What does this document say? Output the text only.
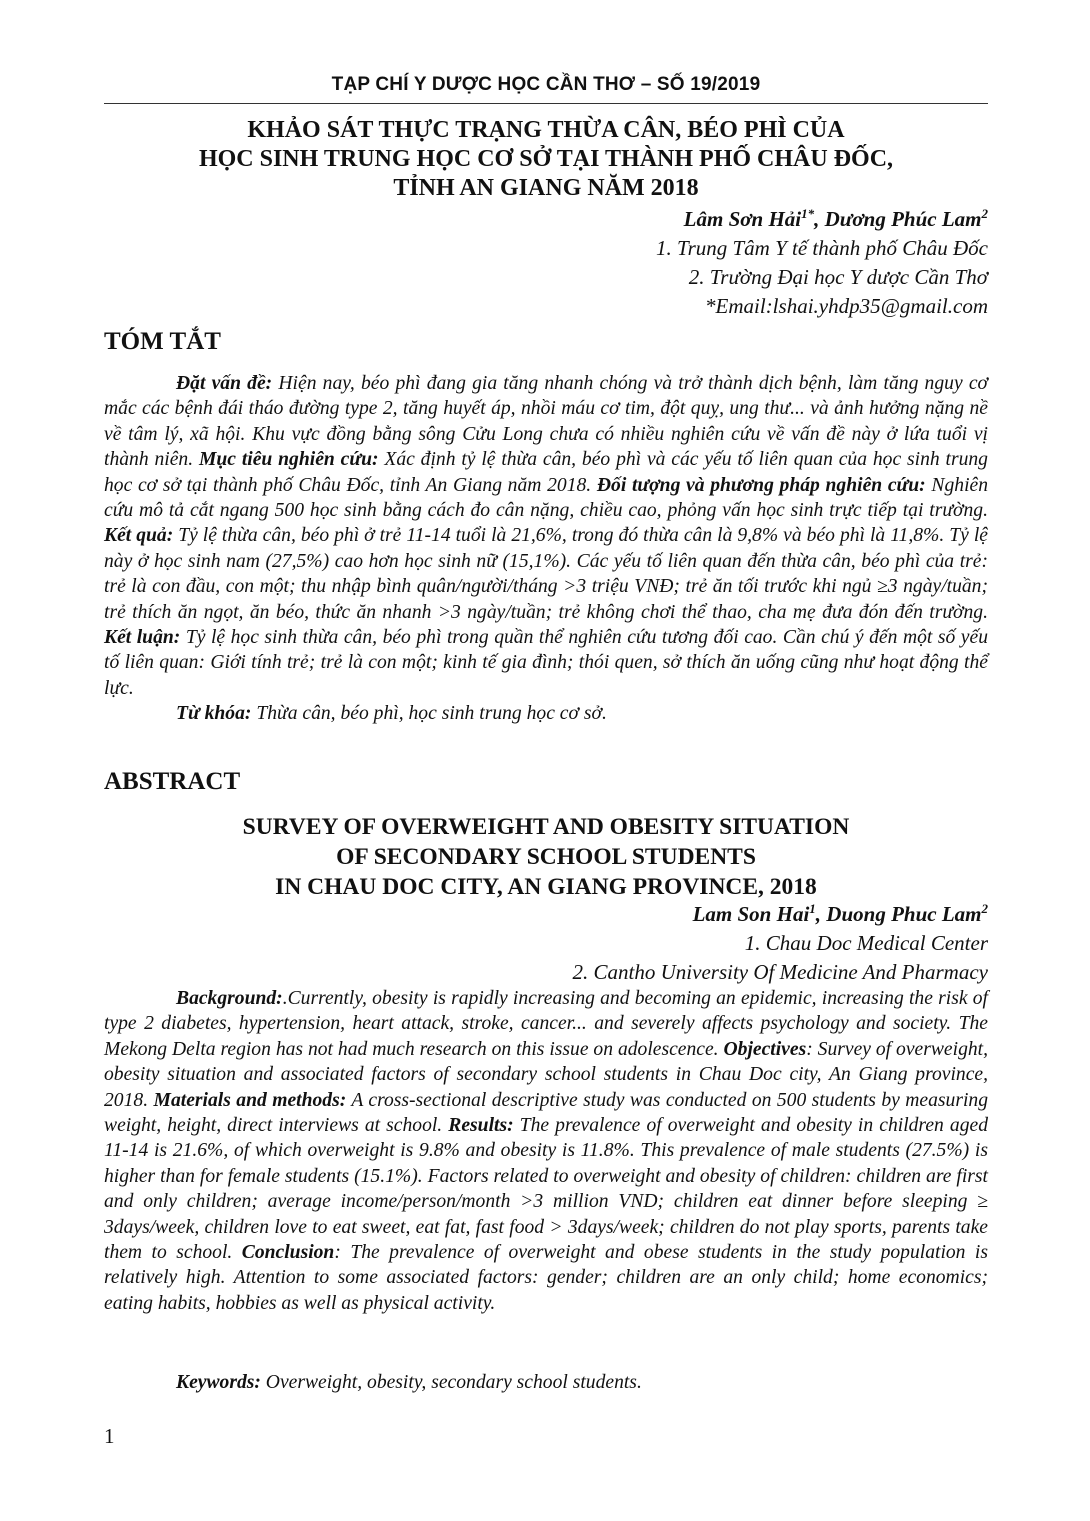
TẠP CHÍ Y DƯỢC HỌC CẦN THƠ – SỐ 19/2019
KHẢO SÁT THỰC TRẠNG THỪA CÂN, BÉO PHÌ CỦA
HỌC SINH TRUNG HỌC CƠ SỞ TẠI THÀNH PHỐ CHÂU ĐỐC,
TỈNH AN GIANG NĂM 2018
Lâm Sơn Hải$^{1*}$, Dương Phúc Lam$^2$
1. Trung Tâm Y tế thành phố Châu Đốc
2. Trường Đại học Y dược Cần Thơ
*Email:lshai.yhdp35@gmail.com
TÓM TẮT

Đặt vấn đề: Hiện nay, béo phì đang gia tăng nhanh chóng và trở thành dịch bệnh, làm tăng nguy cơ mắc các bệnh đái tháo đường type 2, tăng huyết áp, nhồi máu cơ tim, đột quỵ, ung thư... và ảnh hưởng nặng nề về tâm lý, xã hội. Khu vực đồng bằng sông Cửu Long chưa có nhiều nghiên cứu về vấn đề này ở lứa tuổi vị thành niên. Mục tiêu nghiên cứu: Xác định tỷ lệ thừa cân, béo phì và các yếu tố liên quan của học sinh trung học cơ sở tại thành phố Châu Đốc, tỉnh An Giang năm 2018. Đối tượng và phương pháp nghiên cứu: Nghiên cứu mô tả cắt ngang 500 học sinh bằng cách đo cân nặng, chiều cao, phỏng vấn học sinh trực tiếp tại trường. Kết quả: Tỷ lệ thừa cân, béo phì ở trẻ 11-14 tuổi là 21,6%, trong đó thừa cân là 9,8% và béo phì là 11,8%. Tỷ lệ này ở học sinh nam (27,5%) cao hơn học sinh nữ (15,1%). Các yếu tố liên quan đến thừa cân, béo phì của trẻ: trẻ là con đầu, con một; thu nhập bình quân/người/tháng >3 triệu VNĐ; trẻ ăn tối trước khi ngủ ≥3 ngày/tuần; trẻ thích ăn ngọt, ăn béo, thức ăn nhanh >3 ngày/tuần; trẻ không chơi thể thao, cha mẹ đưa đón đến trường. Kết luận: Tỷ lệ học sinh thừa cân, béo phì trong quần thể nghiên cứu tương đối cao. Cần chú ý đến một số yếu tố liên quan: Giới tính trẻ; trẻ là con một; kinh tế gia đình; thói quen, sở thích ăn uống cũng như hoạt động thể lực.

Từ khóa: Thừa cân, béo phì, học sinh trung học cơ sở.

ABSTRACT
SURVEY OF OVERWEIGHT AND OBESITY SITUATION
OF SECONDARY SCHOOL STUDENTS
IN CHAU DOC CITY, AN GIANG PROVINCE, 2018
Lam Son Hai$^1$, Duong Phuc Lam$^2$
1. Chau Doc Medical Center
2. Cantho University Of Medicine And Pharmacy

Background:.Currently, obesity is rapidly increasing and becoming an epidemic, increasing the risk of type 2 diabetes, hypertension, heart attack, stroke, cancer... and severely affects psychology and society. The Mekong Delta region has not had much research on this issue on adolescence. Objectives: Survey of overweight, obesity situation and associated factors of secondary school students in Chau Doc city, An Giang province, 2018. Materials and methods: A cross-sectional descriptive study was conducted on 500 students by measuring weight, height, direct interviews at school. Results: The prevalence of overweight and obesity in children aged 11-14 is 21.6%, of which overweight is 9.8% and obesity is 11.8%. This prevalence of male students (27.5%) is higher than for female students (15.1%). Factors related to overweight and obesity of children: children are first and only children; average income/person/month >3 million VND; children eat dinner before sleeping ≥ 3days/week, children love to eat sweet, eat fat, fast food > 3days/week; children do not play sports, parents take them to school. Conclusion: The prevalence of overweight and obese students in the study population is relatively high. Attention to some associated factors: gender; children are an only child; home economics; eating habits, hobbies as well as physical activity.

Keywords: Overweight, obesity, secondary school students.
1
